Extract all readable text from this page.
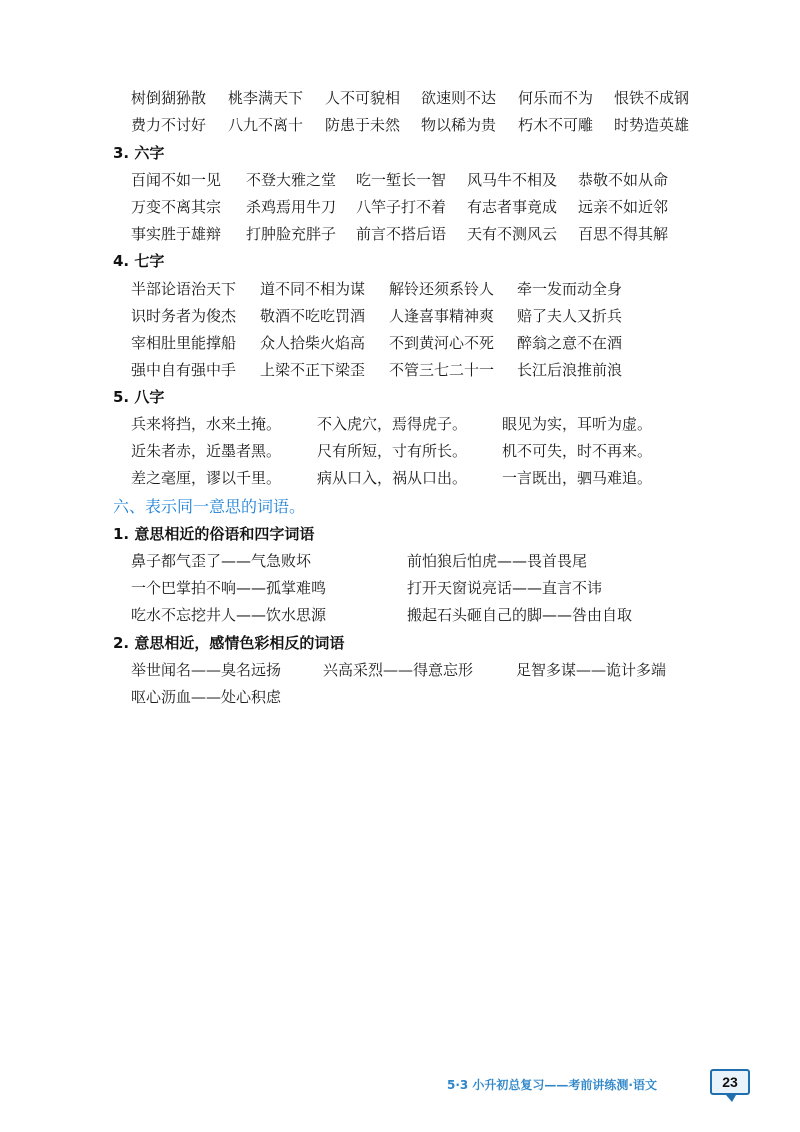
树倒猢狲散 桃李满天下 人不可貌相 欲速则不达 何乐而不为 恨铁不成钢
费力不讨好 八九不离十 防患于未然 物以稀为贵 朽木不可雕 时势造英雄
3. 六字
百闻不如一见 不登大雅之堂 吃一堑长一智 风马牛不相及 恭敬不如从命
万变不离其宗 杀鸡焉用牛刀 八竿子打不着 有志者事竟成 远亲不如近邻
事实胜于雄辩 打肿脸充胖子 前言不搭后语 天有不测风云 百思不得其解
4. 七字
半部论语治天下 道不同不相为谋 解铃还须系铃人 牵一发而动全身
识时务者为俊杰 敬酒不吃吃罚酒 人逢喜事精神爽 赔了夫人又折兵
宰相肚里能撑船 众人拾柴火焰高 不到黄河心不死 醉翁之意不在酒
强中自有强中手 上梁不正下梁歪 不管三七二十一 长江后浪推前浪
5. 八字
兵来将挡，水来土掩。 不入虎穴，焉得虎子。 眼见为实，耳听为虚。
近朱者赤，近墨者黑。 尺有所短，寸有所长。 机不可失，时不再来。
差之毫厘，谬以千里。 病从口入，祸从口出。 一言既出，驷马难追。
六、表示同一意思的词语。
1. 意思相近的俗语和四字词语
鼻子都气歪了——气急败坏	前怕狼后怕虎——畏首畏尾
一个巴掌拍不响——孤掌难鸣	打开天窗说亮话——直言不讳
吃水不忘挖井人——饮水思源	搬起石头砸自己的脚——咎由自取
2. 意思相近，感情色彩相反的词语
举世闻名——臭名远扬	兴高采烈——得意忘形	足智多谋——诡计多端
呕心沥血——处心积虑
5·3 小升初总复习——考前讲练测·语文	23
